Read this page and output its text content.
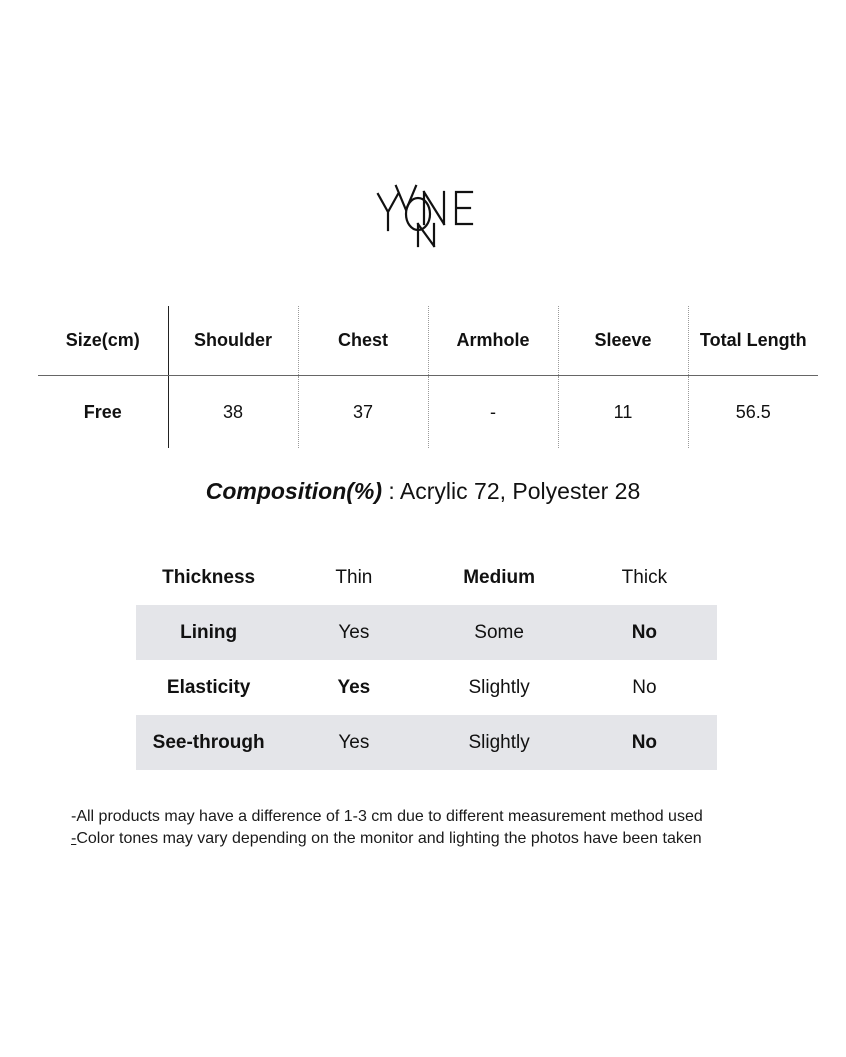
Size(cm)	Shoulder	Chest	Armhole	Sleeve	Total Length
Free	38	37	-	11	56.5
Composition(%) : Acrylic 72, Polyester 28
Thickness	Thin	Medium	Thick
Lining	Yes	Some	No
Elasticity	Yes	Slightly	No
See-through	Yes	Slightly	No
-All products may have a difference of 1-3 cm due to different measurement method used
-Color tones may vary depending on the monitor and lighting the photos have been taken
